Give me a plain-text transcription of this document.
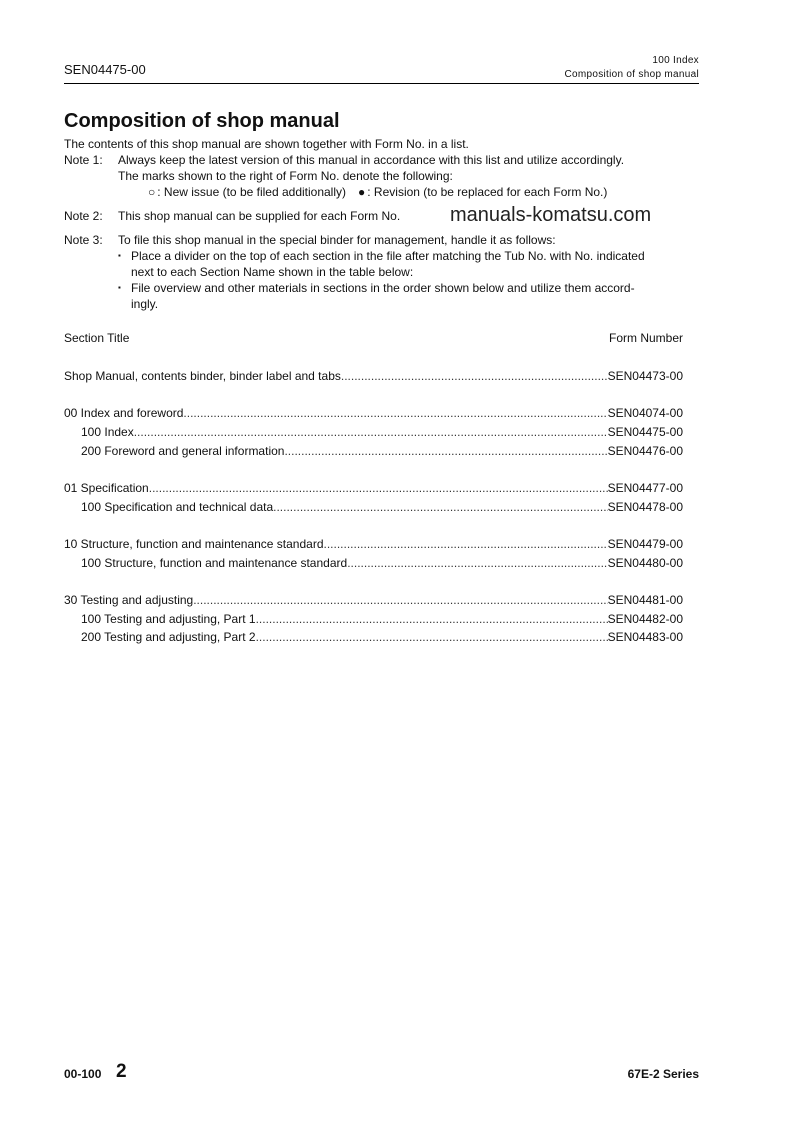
SEN04475-00
100 Index
Composition of shop manual
Composition of shop manual
The contents of this shop manual are shown together with Form No. in a list.
Note 1: Always keep the latest version of this manual in accordance with this list and utilize accordingly.
The marks shown to the right of Form No. denote the following:
○ : New issue (to be filed additionally) ● : Revision (to be replaced for each Form No.)
Note 2: This shop manual can be supplied for each Form No. manuals-komatsu.com
Note 3: To file this shop manual in the special binder for management, handle it as follows:
▪ Place a divider on the top of each section in the file after matching the Tub No. with No. indicated
next to each Section Name shown in the table below:
▪ File overview and other materials in sections in the order shown below and utilize them accord-
ingly.
Section Title	Form Number
Shop Manual, contents binder, binder label and tabs .....	SEN04473-00
00 Index and foreword .....	SEN04074-00
100 Index .....	SEN04475-00
200 Foreword and general information .....	SEN04476-00
01 Specification .....	SEN04477-00
100 Specification and technical data .....	SEN04478-00
10 Structure, function and maintenance standard .....	SEN04479-00
100 Structure, function and maintenance standard .....	SEN04480-00
30 Testing and adjusting .....	SEN04481-00
100 Testing and adjusting, Part 1 .....	SEN04482-00
200 Testing and adjusting, Part 2 .....	SEN04483-00
00-100 2	67E-2 Series
